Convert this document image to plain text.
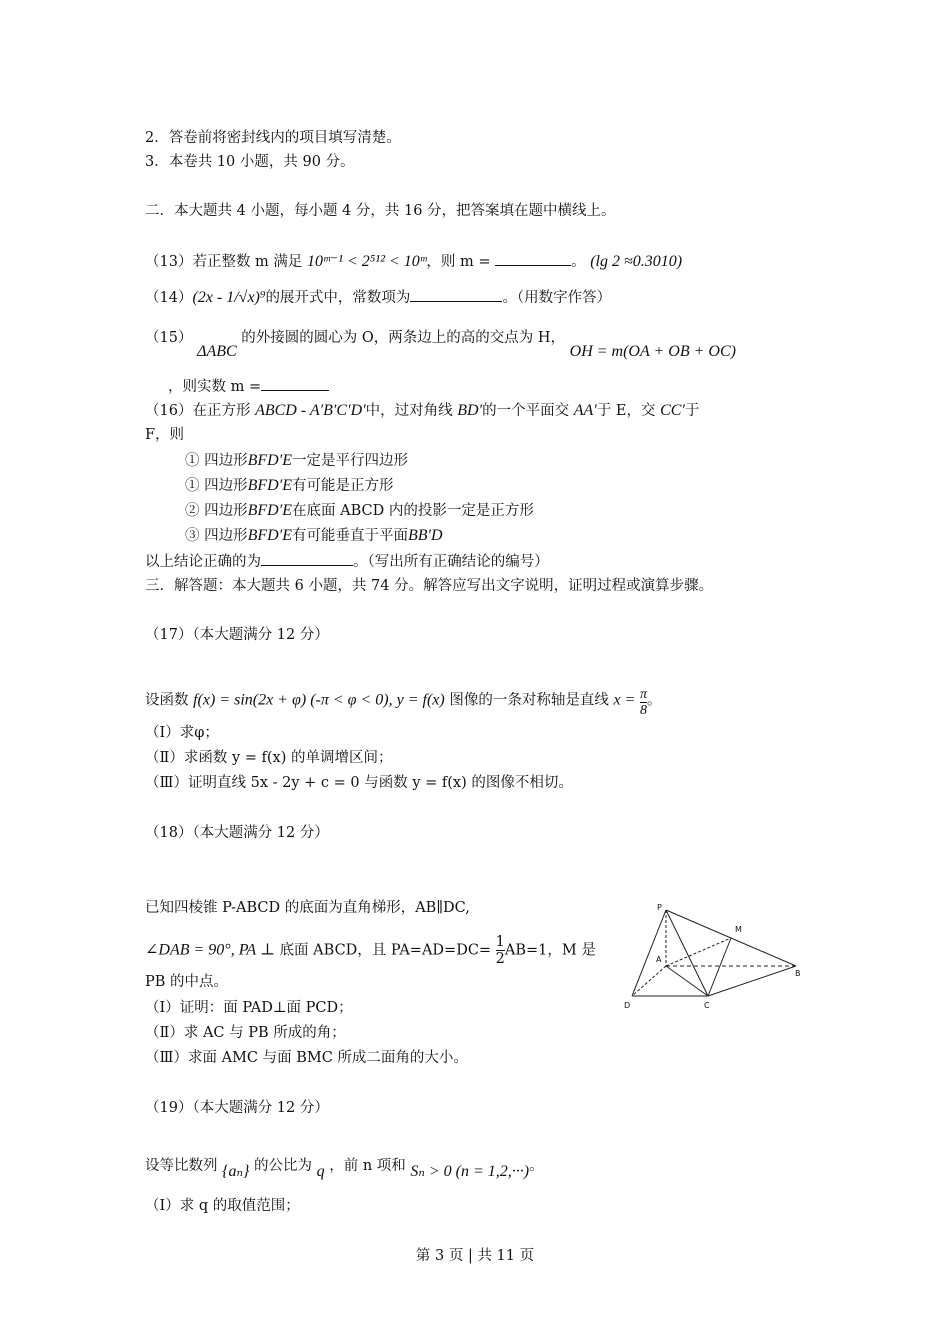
2．答卷前将密封线内的项目填写清楚。
3．本卷共 10 小题，共 90 分。
二．本大题共 4 小题，每小题 4 分，共 16 分，把答案填在题中横线上。
（13）若正整数 m 满足 10ᵐ⁻¹ < 2⁵¹² < 10ᵐ，则 m =	。 (lg 2 ≈0.3010)
（14）(2x - 1/√x)⁹的展开式中，常数项为	。（用数字作答）
（15） ΔABC 的外接圆的圆心为 O，两条边上的高的交点为 H， OH = m(OA + OB + OC)
，则实数 m =
（16）在正方形 ABCD - A′B′C′D′中，过对角线 BD′的一个平面交 AA′于 E，交 CC′于
F，则
① 四边形BFD′E一定是平行四边形
① 四边形BFD′E有可能是正方形
② 四边形BFD′E在底面 ABCD 内的投影一定是正方形
③ 四边形BFD′E有可能垂直于平面BB′D
以上结论正确的为	。（写出所有正确结论的编号）
三．解答题：本大题共 6 小题，共 74 分。解答应写出文字说明，证明过程或演算步骤。
（17）（本大题满分 12 分）
设函数 f(x) = sin(2x + φ) (-π < φ < 0), y = f(x) 图像的一条对称轴是直线 $x = \frac{\pi}{8}$ 。
（Ⅰ）求φ；
（Ⅱ）求函数 y = f(x) 的单调增区间；
（Ⅲ）证明直线 5x - 2y + c = 0 与函数 y = f(x) 的图像不相切。
（18）（本大题满分 12 分）
已知四棱锥 P-ABCD 的底面为直角梯形，AB∥DC,
∠DAB = 90°, PA ⊥ 底面 ABCD，且 $PA=AD=DC= \frac{1}{2} AB=1$，M 是
PB 的中点。
（Ⅰ）证明：面 PAD⊥面 PCD；
（Ⅱ）求 AC 与 PB 所成的角；
（Ⅲ）求面 AMC 与面 BMC 所成二面角的大小。
P
M
A
B
D	C
（19）（本大题满分 12 分）
设等比数列 {aₙ} 的公比为 q ，前 n 项和 Sₙ > 0 (n = 1,2,···)。
（Ⅰ）求 q 的取值范围；
第 3 页 | 共 11 页
